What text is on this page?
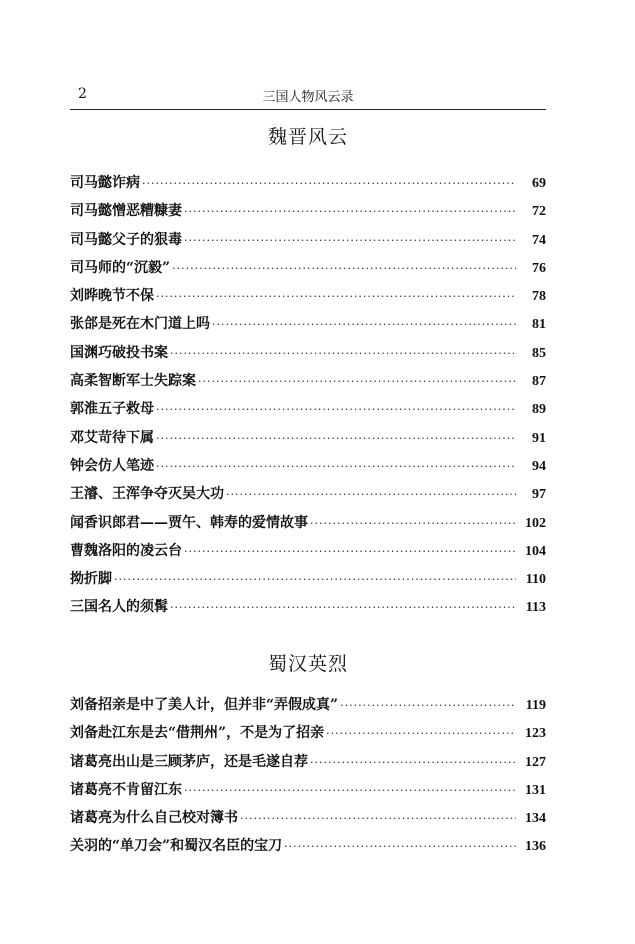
2	三国人物风云录
魏晋风云
司马懿诈病 ·····	69
司马懿憎恶糟糠妻 ·····	72
司马懿父子的狠毒 ·····	74
司马师的“沉毅” ·····	76
刘晔晚节不保 ·····	78
张郃是死在木门道上吗 ·····	81
国渊巧破投书案 ·····	85
高柔智断军士失踪案 ·····	87
郭淮五子救母 ·····	89
邓艾苛待下属 ·····	91
钟会仿人笔迹 ·····	94
王濬、王浑争夺灭吴大功 ·····	97
闻香识郎君——贾午、韩寿的爱情故事 ·····	102
曹魏洛阳的凌云台 ·····	104
拗折脚 ·····	110
三国名人的须髯 ·····	113
蜀汉英烈
刘备招亲是中了美人计，但并非“弄假成真” ·····	119
刘备赴江东是去“借荆州”，不是为了招亲 ·····	123
诸葛亮出山是三顾茅庐，还是毛遂自荐 ·····	127
诸葛亮不肯留江东 ·····	131
诸葛亮为什么自己校对簿书 ·····	134
关羽的“单刀会”和蜀汉名臣的宝刀 ·····	136
